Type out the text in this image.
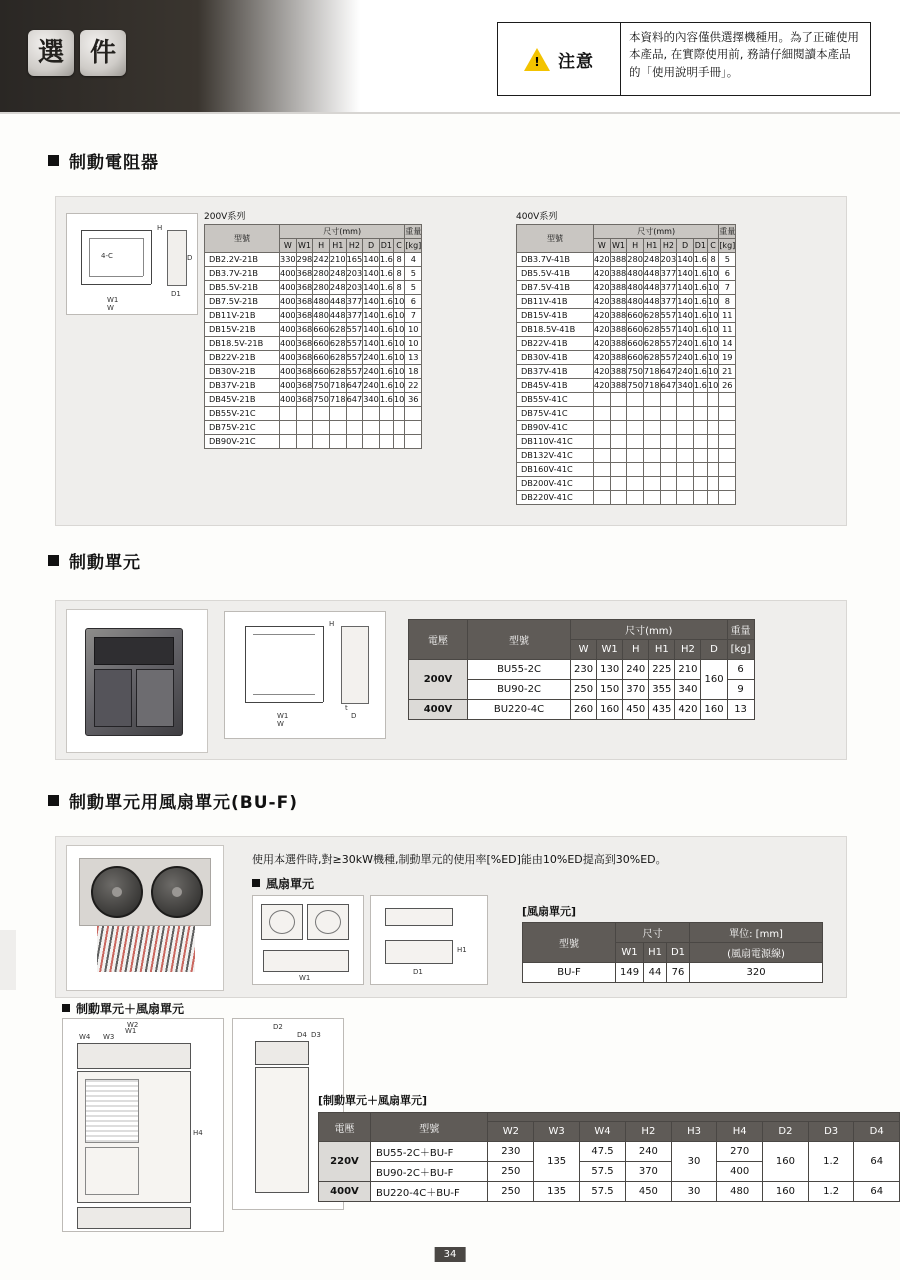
選 件 !	注意
本資料的內容僅供選擇機種用。為了正確使用本產品, 在實際使用前, 務請仔細閱讀本產品的「使用說明手冊」。
制動電阻器
W1
W
4-C
H
D1
D
200V系列
型號	尺寸(mm)								重量
	W	W1	H	H1	H2	D	D1	C	[kg]
DB2.2V-21B	330	298	242	210	165	140	1.6	8	4
DB3.7V-21B	400	368	280	248	203	140	1.6	8	5
DB5.5V-21B	400	368	280	248	203	140	1.6	8	5
DB7.5V-21B	400	368	480	448	377	140	1.6	10	6
DB11V-21B	400	368	480	448	377	140	1.6	10	7
DB15V-21B	400	368	660	628	557	140	1.6	10	10
DB18.5V-21B	400	368	660	628	557	140	1.6	10	10
DB22V-21B	400	368	660	628	557	240	1.6	10	13
DB30V-21B	400	368	660	628	557	240	1.6	10	18
DB37V-21B	400	368	750	718	647	240	1.6	10	22
DB45V-21B	400	368	750	718	647	340	1.6	10	36
DB55V-21C									
DB75V-21C									
DB90V-21C									
400V系列
型號	尺寸(mm)								重量
	W	W1	H	H1	H2	D	D1	C	[kg]
DB3.7V-41B	420	388	280	248	203	140	1.6	8	5
DB5.5V-41B	420	388	480	448	377	140	1.6	10	6
DB7.5V-41B	420	388	480	448	377	140	1.6	10	7
DB11V-41B	420	388	480	448	377	140	1.6	10	8
DB15V-41B	420	388	660	628	557	140	1.6	10	11
DB18.5V-41B	420	388	660	628	557	140	1.6	10	11
DB22V-41B	420	388	660	628	557	240	1.6	10	14
DB30V-41B	420	388	660	628	557	240	1.6	10	19
DB37V-41B	420	388	750	718	647	240	1.6	10	21
DB45V-41B	420	388	750	718	647	340	1.6	10	26
DB55V-41C									
DB75V-41C									
DB90V-41C									
DB110V-41C									
DB132V-41C									
DB160V-41C									
DB200V-41C									
DB220V-41C									
制動單元
W1
W
H
D
t
電壓	型號	尺寸(mm)						重量
		W	W1	H	H1	H2	D	[kg]
200V	BU55-2C	230	130	240	225	210	160	6
	BU90-2C	250	150	370	355	340		9
400V	BU220-4C	260	160	450	435	420	160	13
制動單元用風扇單元(BU-F)
使用本選件時,對≥30kW機種,制動單元的使用率[%ED]能由10%ED提高到30%ED。
風扇單元
W1
D1
H1
[風扇單元]
型號	尺寸			單位: [mm]
	W1	H1	D1	(風扇電源線)
BU-F	149	44	76	320
制動單元＋風扇單元
W1
W4 W3
W2
H4
D2
D3
D4
[制動單元＋風扇單元]
電壓	型號									
		W2	W3	W4	H2	H3	H4	D2	D3	D4
220V	BU55-2C＋BU-F	230	135	47.5	240	30	270	160	1.2	64
	BU90-2C＋BU-F	250		57.5	370		400			
400V	BU220-4C＋BU-F	250	135	57.5	450	30	480	160	1.2	64
34
